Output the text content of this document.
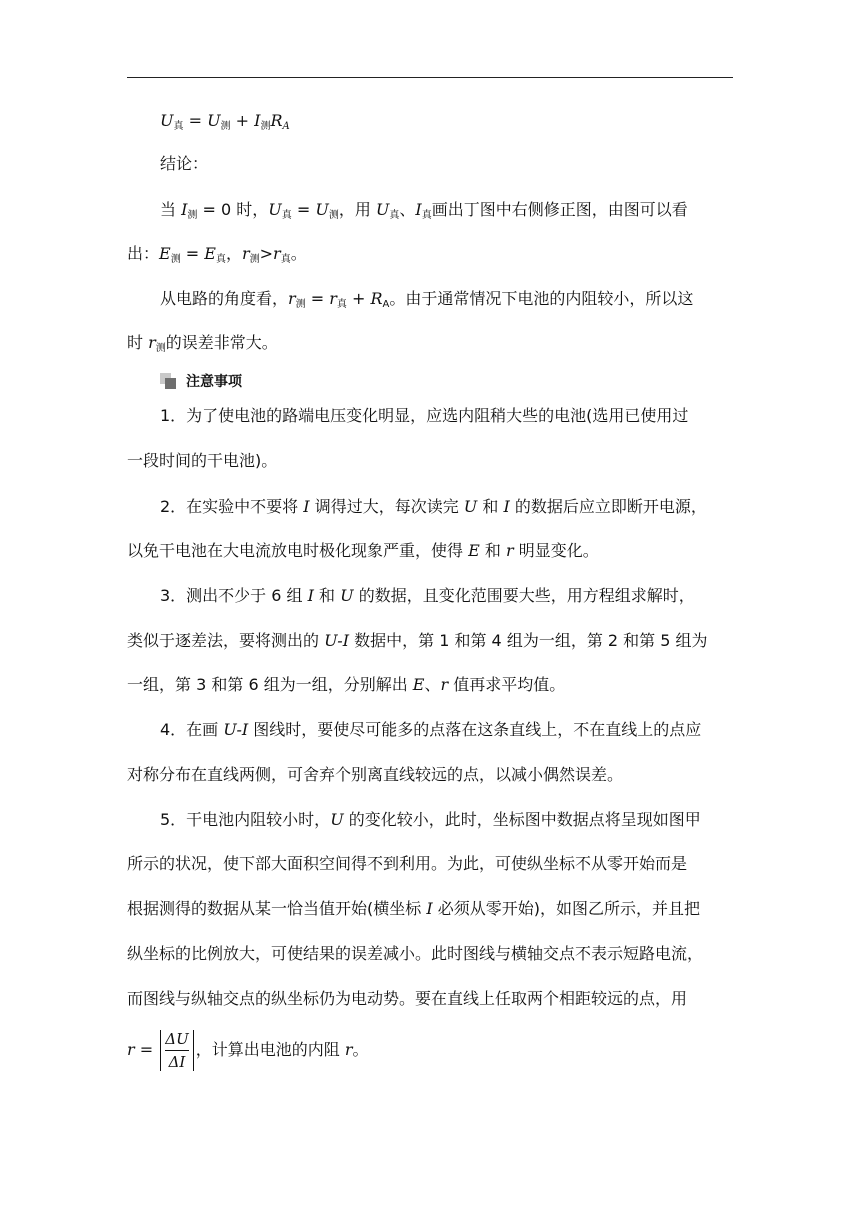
$U_真 = U_测 + I_测R_A$
结论：
当 $I_测 = 0$ 时，$U_真 = U_测$，用 $U_真$、$I_真$画出丁图中右侧修正图，由图可以看
出：$E_测 = E_真$，$r_测>r_真$。
从电路的角度看，$r_测 = r_真 + R_A$。由于通常情况下电池的内阻较小，所以这
时 $r_测$的误差非常大。
注意事项
1．为了使电池的路端电压变化明显，应选内阻稍大些的电池(选用已使用过
一段时间的干电池)。
2．在实验中不要将 I 调得过大，每次读完 U 和 I 的数据后应立即断开电源，
以免干电池在大电流放电时极化现象严重，使得 E 和 r 明显变化。
3．测出不少于 6 组 I 和 U 的数据，且变化范围要大些，用方程组求解时，
类似于逐差法，要将测出的 U-I 数据中，第 1 和第 4 组为一组，第 2 和第 5 组为
一组，第 3 和第 6 组为一组，分别解出 E、r 值再求平均值。
4．在画 U-I 图线时，要使尽可能多的点落在这条直线上，不在直线上的点应
对称分布在直线两侧，可舍弃个别离直线较远的点，以减小偶然误差。
5．干电池内阻较小时，U 的变化较小，此时，坐标图中数据点将呈现如图甲
所示的状况，使下部大面积空间得不到利用。为此，可使纵坐标不从零开始而是
根据测得的数据从某一恰当值开始(横坐标 I 必须从零开始)，如图乙所示，并且把
纵坐标的比例放大，可使结果的误差减小。此时图线与横轴交点不表示短路电流，
而图线与纵轴交点的纵坐标仍为电动势。要在直线上任取两个相距较远的点，用
$r = \frac{\Delta U}{\Delta I}$ ，计算出电池的内阻 r。
